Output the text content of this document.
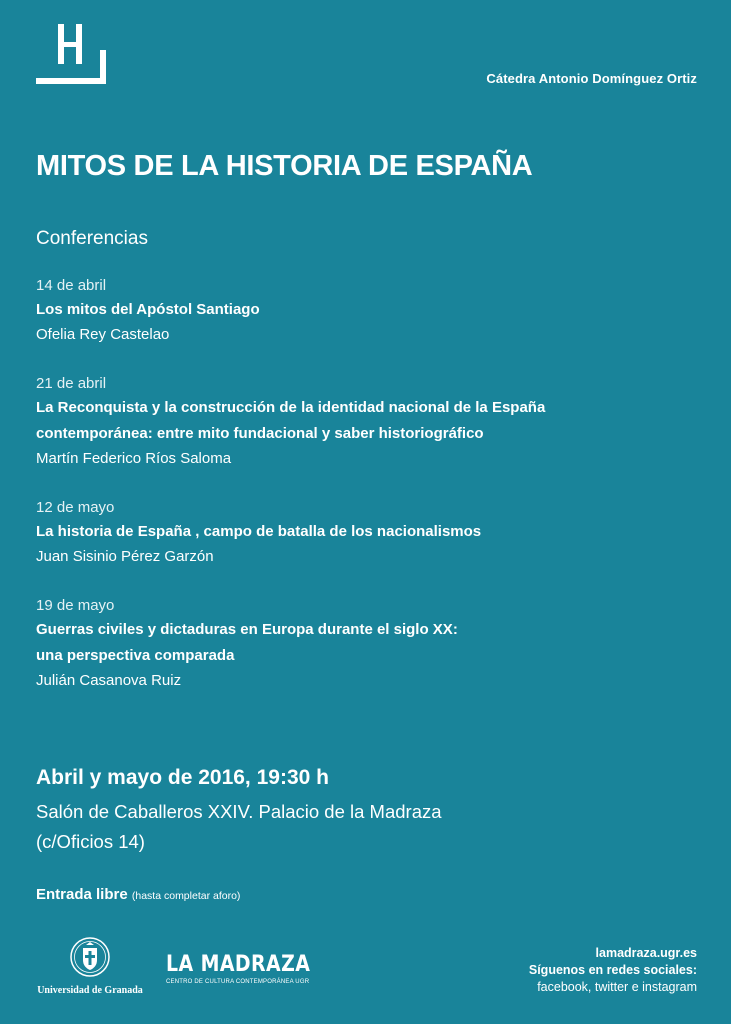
Cátedra Antonio Domínguez Ortiz
MITOS DE LA HISTORIA DE ESPAÑA
Conferencias
14 de abril
Los mitos del Apóstol Santiago
Ofelia Rey Castelao
21 de abril
La Reconquista y la construcción de la identidad nacional de la España
contemporánea: entre mito fundacional y saber historiográfico
Martín Federico Ríos Saloma
12 de mayo
La historia de España , campo de batalla de los nacionalismos
Juan Sisinio Pérez Garzón
19 de mayo
Guerras civiles y dictaduras en Europa durante el siglo XX:
una perspectiva comparada
Julián Casanova Ruiz
Abril y mayo de 2016, 19:30 h
Salón de Caballeros XXIV. Palacio de la Madraza
(c/Oficios 14)
Entrada libre (hasta completar aforo)
Universidad de Granada
LA MADRAZA
CENTRO DE CULTURA CONTEMPORÁNEA UGR
lamadraza.ugr.es
Síguenos en redes sociales:
facebook, twitter e instagram
